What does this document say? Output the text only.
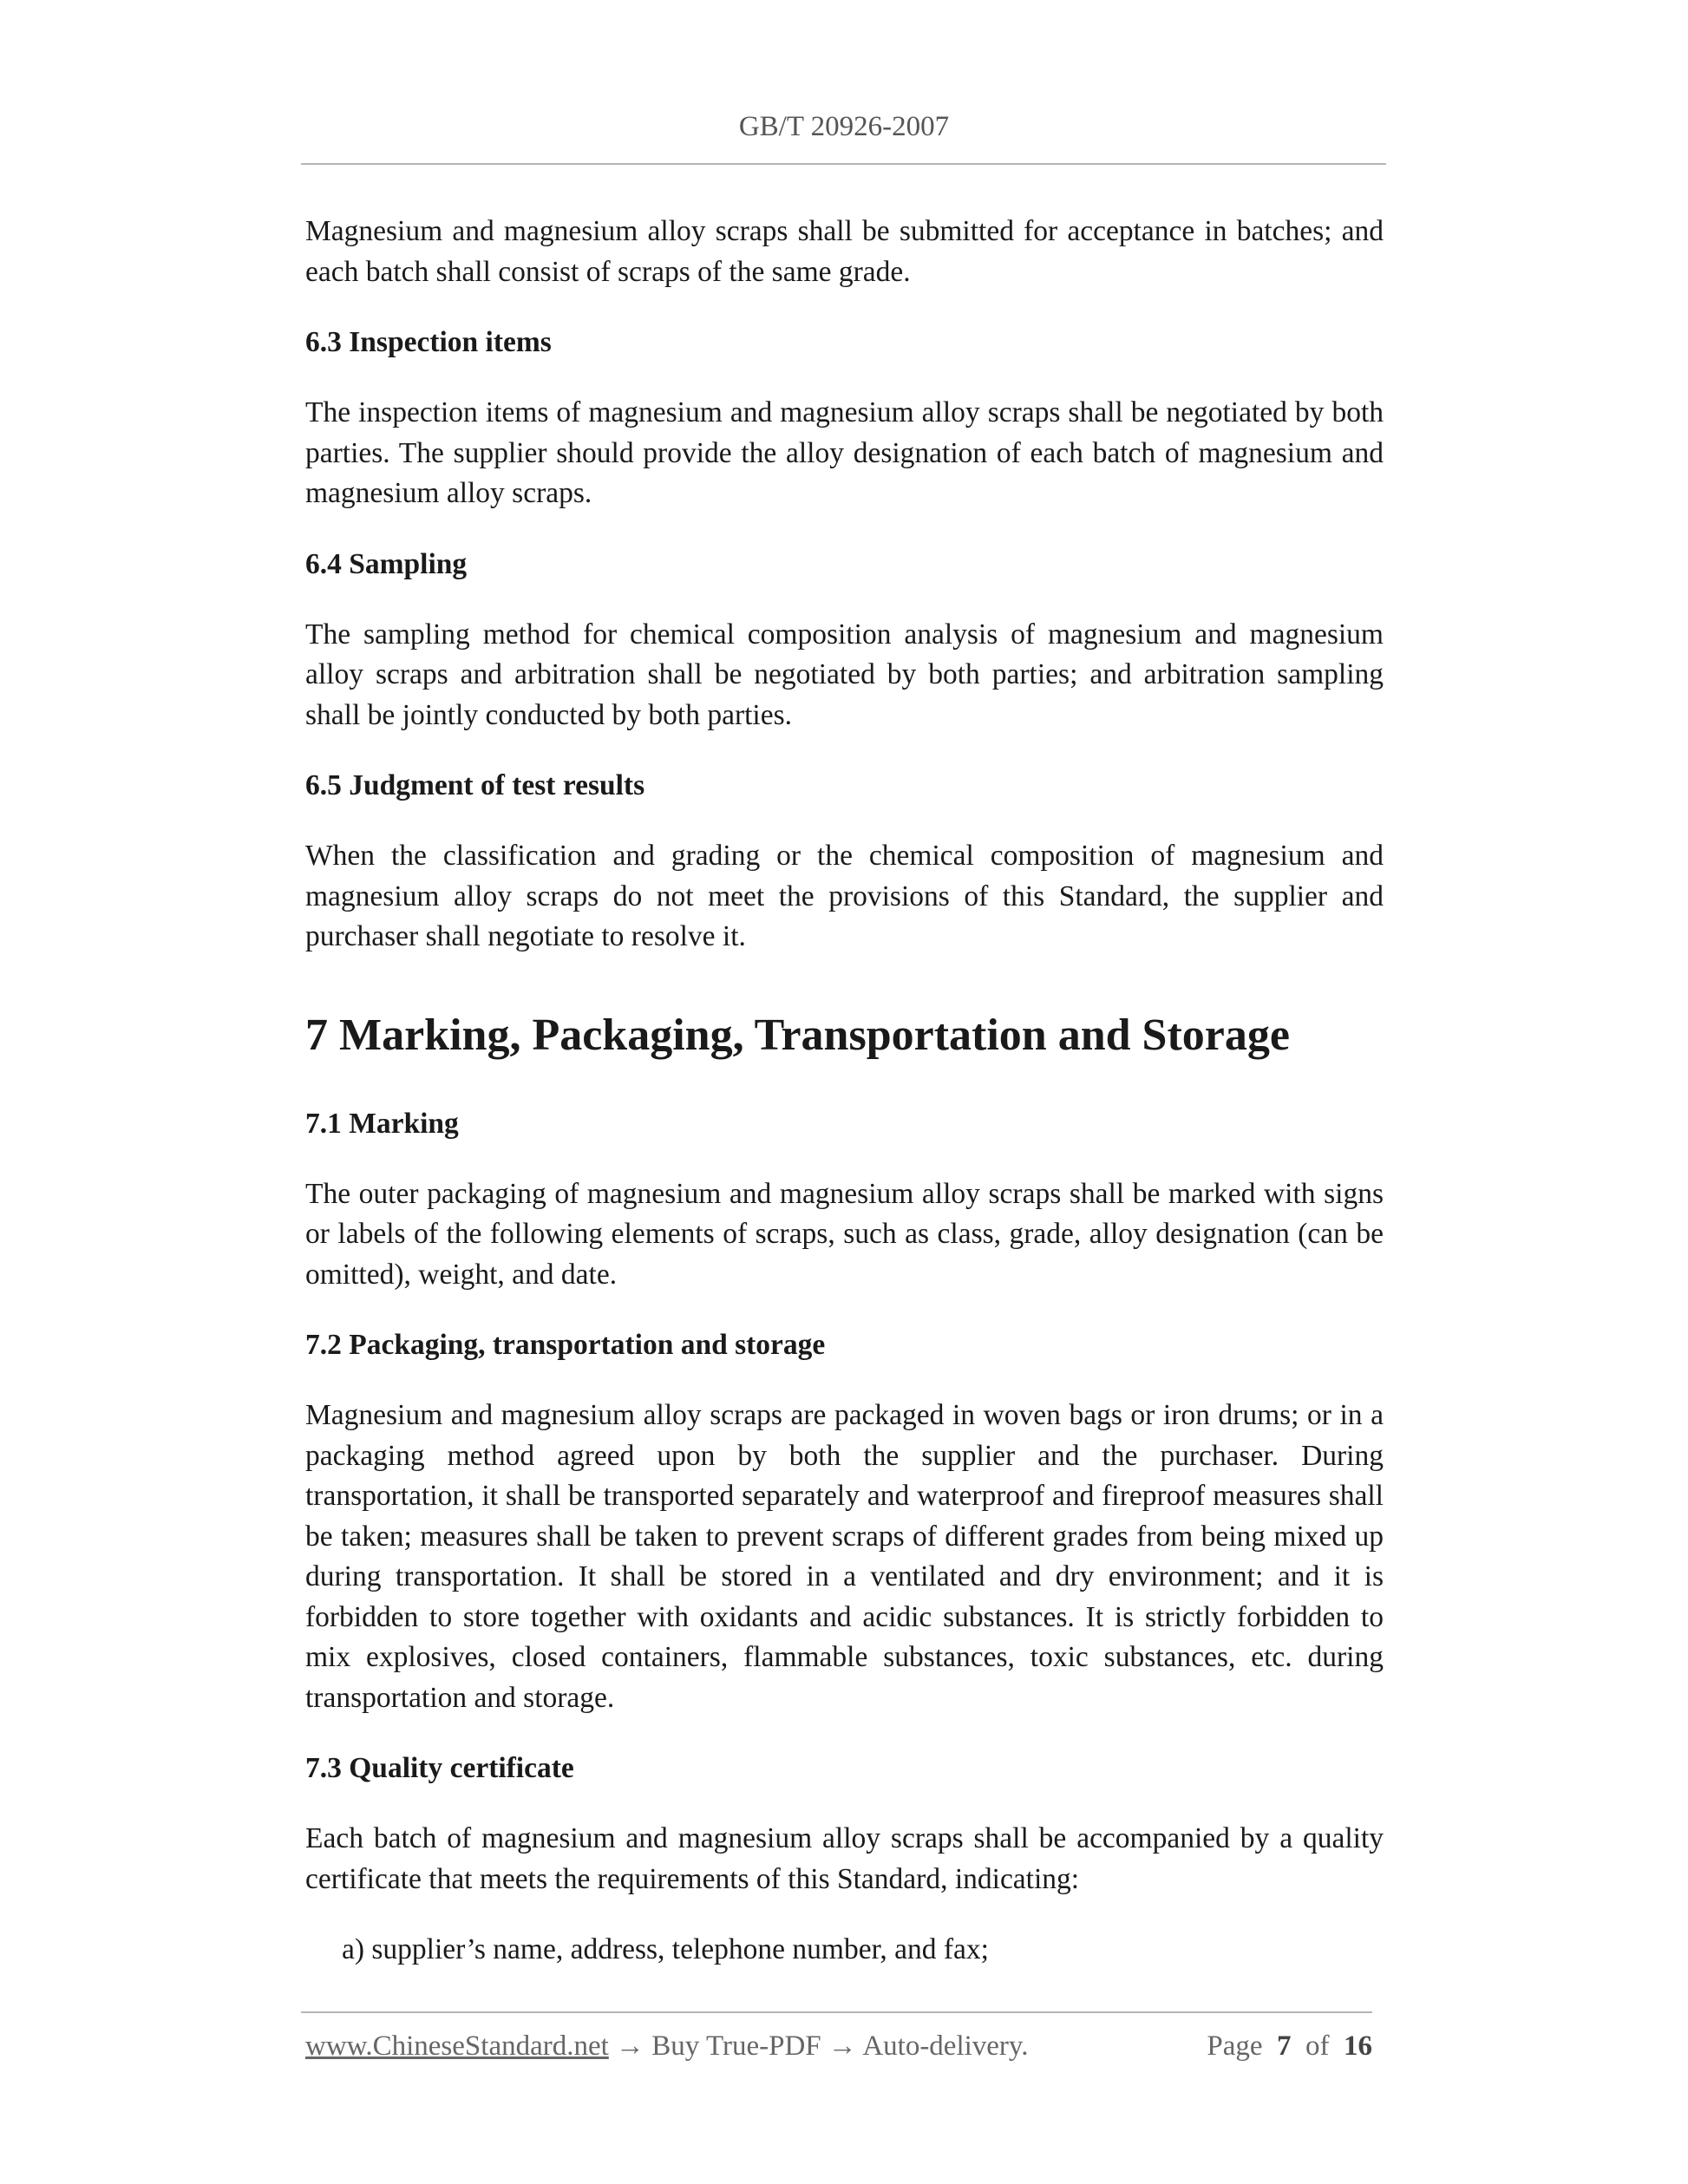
GB/T 20926-2007

Magnesium and magnesium alloy scraps shall be submitted for acceptance in batches; and each batch shall consist of scraps of the same grade.

6.3 Inspection items

The inspection items of magnesium and magnesium alloy scraps shall be negotiated by both parties. The supplier should provide the alloy designation of each batch of magnesium and magnesium alloy scraps.

6.4 Sampling

The sampling method for chemical composition analysis of magnesium and magnesium alloy scraps and arbitration shall be negotiated by both parties; and arbitration sampling shall be jointly conducted by both parties.

6.5 Judgment of test results

When the classification and grading or the chemical composition of magnesium and magnesium alloy scraps do not meet the provisions of this Standard, the supplier and purchaser shall negotiate to resolve it.

7 Marking, Packaging, Transportation and Storage
7.1 Marking

The outer packaging of magnesium and magnesium alloy scraps shall be marked with signs or labels of the following elements of scraps, such as class, grade, alloy designation (can be omitted), weight, and date.

7.2 Packaging, transportation and storage

Magnesium and magnesium alloy scraps are packaged in woven bags or iron drums; or in a packaging method agreed upon by both the supplier and the purchaser. During transportation, it shall be transported separately and waterproof and fireproof measures shall be taken; measures shall be taken to prevent scraps of different grades from being mixed up during transportation. It shall be stored in a ventilated and dry environment; and it is forbidden to store together with oxidants and acidic substances. It is strictly forbidden to mix explosives, closed containers, flammable substances, toxic substances, etc. during transportation and storage.

7.3 Quality certificate

Each batch of magnesium and magnesium alloy scraps shall be accompanied by a quality certificate that meets the requirements of this Standard, indicating:

a) supplier’s name, address, telephone number, and fax;

www.ChineseStandard.net → Buy True-PDF → Auto-delivery.	Page 7 of 16
